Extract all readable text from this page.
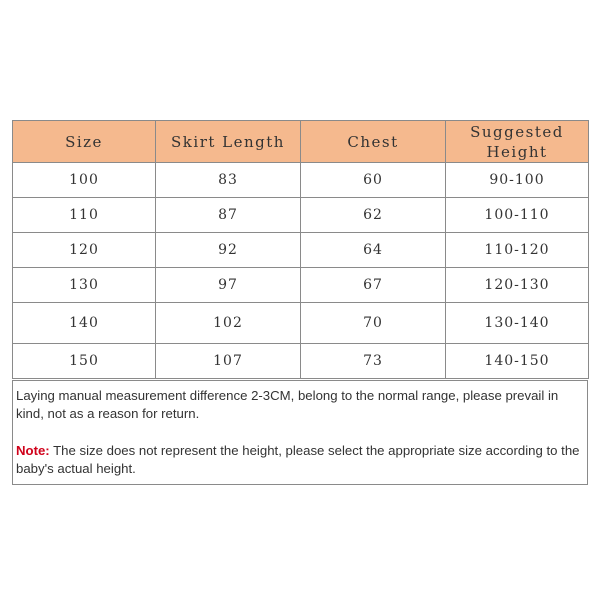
Size	Skirt Length	Chest	Suggested Height
100	83	60	90-100
110	87	62	100-110
120	92	64	110-120
130	97	67	120-130
140	102	70	130-140
150	107	73	140-150

Laying manual measurement difference 2-3CM, belong to the normal range, please prevail in kind, not as a reason for return.

Note: The size does not represent the height, please select the appropriate size according to the baby's actual height.
